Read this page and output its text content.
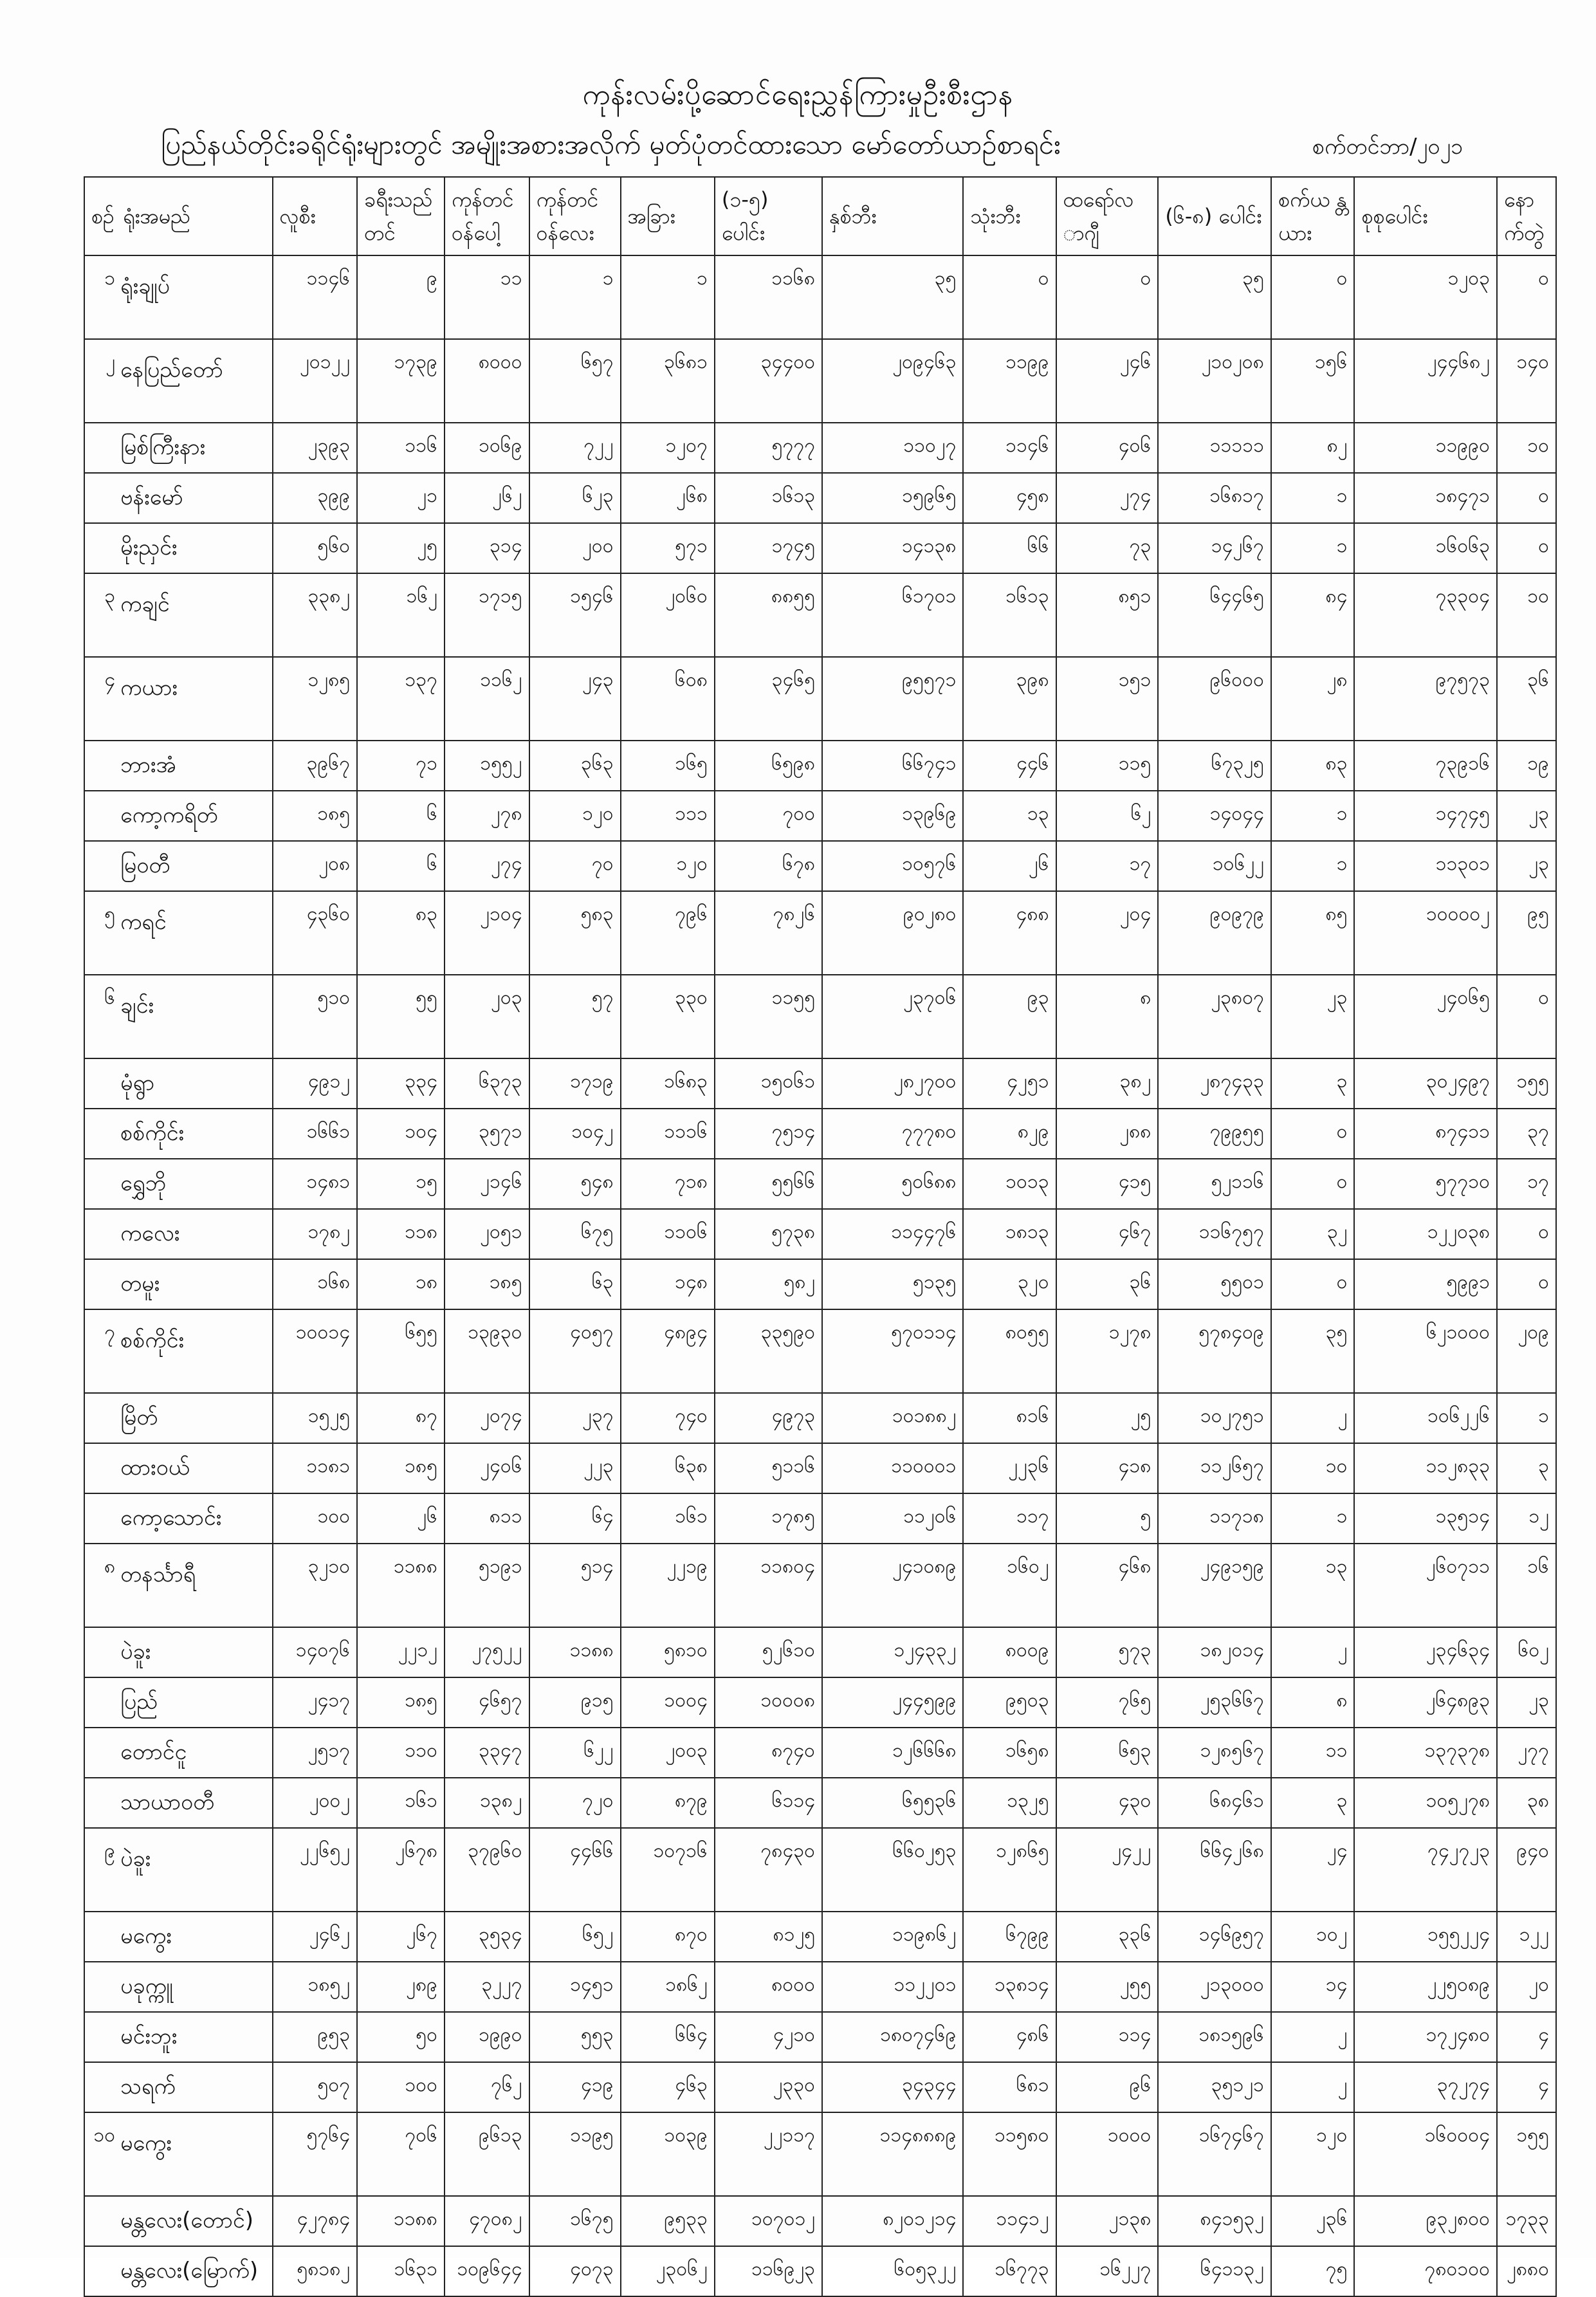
ကုန်းလမ်းပို့ဆောင်ရေးညွှန်ကြားမှုဦးစီးဌာန
ပြည်နယ်တိုင်းခရိုင်ရုံးများတွင် အမျိုးအစားအလိုက် မှတ်ပုံတင်ထားသော မော်တော်ယာဉ်စာရင်း	စက်တင်ဘာ/၂၀၂၁
စဉ်	ရုံးအမည်	လူစီး	ခရီးသည် တင်	ကုန်တင် ဝန်ပေါ့	ကုန်တင် ဝန်လေး	အခြား	(၁-၅) ပေါင်း	နှစ်ဘီး	သုံးဘီး	ထရော်လ ာဂျီ	(၆-၈) ပေါင်း	စက်ယ န္တယား	စုစုပေါင်း	နော က်တွဲ
၁	ရုံးချုပ်	၁၁၄၆	၉	၁၁	၁	၁	၁၁၆၈	၃၅	၀	၀	၃၅	၀	၁၂၀၃	၀
၂	နေပြည်တော်	၂၀၁၂၂	၁၇၃၉	၈၀၀၀	၆၅၇	၃၆၈၁	၃၄၄၀၀	၂၀၉၄၆၃	၁၁၉၉	၂၄၆	၂၁၀၂၀၈	၁၅၆	၂၄၄၆၈၂	၁၄၀
	မြစ်ကြီးနား	၂၃၉၃	၁၁၆	၁၀၆၉	၇၂၂	၁၂၀၇	၅၇၇၇	၁၁၀၂၇	၁၁၄၆	၄၀၆	၁၁၁၁၁	၈၂	၁၁၉၉၀	၁၀
	ဗန်းမော်	၃၉၉	၂၁	၂၆၂	၆၂၃	၂၆၈	၁၆၁၃	၁၅၉၆၅	၄၅၈	၂၇၄	၁၆၈၁၇	၁	၁၈၄၇၁	၀
	မိုးညှင်း	၅၆၀	၂၅	၃၁၄	၂၀၀	၅၇၁	၁၇၄၅	၁၄၁၃၈	၆၆	၇၃	၁၄၂၆၇	၁	၁၆၀၆၃	၀
၃	ကချင်	၃၃၈၂	၁၆၂	၁၇၁၅	၁၅၄၆	၂၀၆၀	၈၈၅၅	၆၁၇၀၁	၁၆၁၃	၈၅၁	၆၄၄၆၅	၈၄	၇၃၃၀၄	၁၀
၄	ကယား	၁၂၈၅	၁၃၇	၁၁၆၂	၂၄၃	၆၀၈	၃၄၆၅	၉၅၅၇၁	၃၉၈	၁၅၁	၉၆၀၀၀	၂၈	၉၇၅၇၃	၃၆
	ဘားအံ	၃၉၆၇	၇၁	၁၅၅၂	၃၆၃	၁၆၅	၆၅၉၈	၆၆၇၄၁	၄၄၆	၁၁၅	၆၇၃၂၅	၈၃	၇၃၉၁၆	၁၉
	ကော့ကရိတ်	၁၈၅	၆	၂၇၈	၁၂၀	၁၁၁	၇၀၀	၁၃၉၆၉	၁၃	၆၂	၁၄၀၄၄	၁	၁၄၇၄၅	၂၃
	မြဝတီ	၂၀၈	၆	၂၇၄	၇၀	၁၂၀	၆၇၈	၁၀၅၇၆	၂၆	၁၇	၁၀၆၂၂	၁	၁၁၃၀၁	၂၃
၅	ကရင်	၄၃၆၀	၈၃	၂၁၀၄	၅၈၃	၇၉၆	၇၈၂၆	၉၀၂၈၀	၄၈၈	၂၀၄	၉၀၉၇၉	၈၅	၁၀၀၀၀၂	၉၅
၆	ချင်း	၅၁၀	၅၅	၂၀၃	၅၇	၃၃၀	၁၁၅၅	၂၃၇၀၆	၉၃	၈	၂၃၈၀၇	၂၃	၂၄၀၆၅	၀
	မုံရွာ	၄၉၁၂	၃၃၄	၆၃၇၃	၁၇၁၉	၁၆၈၃	၁၅၀၆၁	၂၈၂၇၀၀	၄၂၅၁	၃၈၂	၂၈၇၄၃၃	၃	၃၀၂၄၉၇	၁၅၅
	စစ်ကိုင်း	၁၆၆၁	၁၀၄	၃၅၇၁	၁၀၄၂	၁၁၁၆	၇၅၁၄	၇၇၇၈၀	၈၂၉	၂၈၈	၇၉၉၅၅	၀	၈၇၄၁၁	၃၇
	ရွှေဘို	၁၄၈၁	၁၅	၂၁၄၆	၅၄၈	၇၁၈	၅၅၆၆	၅၀၆၈၈	၁၀၁၃	၄၁၅	၅၂၁၁၆	၀	၅၇၇၁၀	၁၇
	ကလေး	၁၇၈၂	၁၁၈	၂၀၅၁	၆၇၅	၁၁၀၆	၅၇၃၈	၁၁၄၄၇၆	၁၈၁၃	၄၆၇	၁၁၆၇၅၇	၃၂	၁၂၂၀၃၈	၀
	တမူး	၁၆၈	၁၈	၁၈၅	၆၃	၁၄၈	၅၈၂	၅၁၃၅	၃၂၀	၃၆	၅၅၀၁	၀	၅၉၉၁	၀
၇	စစ်ကိုင်း	၁၀၀၁၄	၆၅၅	၁၃၉၃၀	၄၀၅၇	၄၈၉၄	၃၃၅၉၀	၅၇၀၁၁၄	၈၀၅၅	၁၂၇၈	၅၇၈၄၀၉	၃၅	၆၂၁၀၀၀	၂၀၉
	မြိတ်	၁၅၂၅	၈၇	၂၀၇၄	၂၃၇	၇၄၀	၄၉၇၃	၁၀၁၈၈၂	၈၁၆	၂၅	၁၀၂၇၅၁	၂	၁၀၆၂၂၆	၁
	ထားဝယ်	၁၁၈၁	၁၈၅	၂၄၀၆	၂၂၃	၆၃၈	၅၁၁၆	၁၁၀၀၀၁	၂၂၃၆	၄၁၈	၁၁၂၆၅၇	၁၀	၁၁၂၈၃၃	၃
	ကော့သောင်း	၁၀၀	၂၆	၈၁၁	၆၄	၁၆၁	၁၇၈၅	၁၁၂၀၆	၁၁၇	၅	၁၁၇၁၈	၁	၁၃၅၁၄	၁၂
၈	တနင်္သာရီ	၃၂၁၀	၁၁၈၈	၅၁၉၁	၅၁၄	၂၂၁၉	၁၁၈၀၄	၂၄၁၀၈၉	၁၆၀၂	၄၆၈	၂၄၉၁၅၉	၁၃	၂၆၀၇၁၁	၁၆
	ပဲခူး	၁၄၀၇၆	၂၂၁၂	၂၇၅၂၂	၁၁၈၈	၅၈၁၀	၅၂၆၁၀	၁၂၄၃၃၂	၈၀၀၉	၅၇၃	၁၈၂၀၁၄	၂	၂၃၄၆၃၄	၆၀၂
	ပြည်	၂၄၁၇	၁၈၅	၄၆၅၇	၉၁၅	၁၀၀၄	၁၀၀၀၈	၂၄၄၅၉၉	၉၅၀၃	၇၆၅	၂၅၃၆၆၇	၈	၂၆၄၈၉၃	၂၃
	တောင်ငူ	၂၅၁၇	၁၁၀	၃၃၄၇	၆၂၂	၂၀၀၃	၈၇၄၀	၁၂၆၆၆၈	၁၆၅၈	၆၅၃	၁၂၈၅၆၇	၁၁	၁၃၇၃၇၈	၂၇၇
	သာယာဝတီ	၂၀၀၂	၁၆၁	၁၃၈၂	၇၂၀	၈၇၉	၆၁၁၄	၆၅၅၃၆	၁၃၂၅	၄၃၀	၆၈၄၆၁	၃	၁၀၅၂၇၈	၃၈
၉	ပဲခူး	၂၂၆၅၂	၂၆၇၈	၃၇၉၆၀	၄၄၆၆	၁၀၇၁၆	၇၈၄၃၀	၆၆၀၂၅၃	၁၂၈၆၅	၂၄၂၂	၆၆၄၂၆၈	၂၄	၇၄၂၇၂၃	၉၄၀
	မကွေး	၂၄၆၂	၂၆၇	၃၅၃၄	၆၅၂	၈၇၀	၈၁၂၅	၁၁၉၈၆၂	၆၇၉၉	၃၃၆	၁၄၆၉၅၇	၁၀၂	၁၅၅၂၂၄	၁၂၂
	ပခုက္ကူ	၁၈၅၂	၂၈၉	၃၂၂၇	၁၄၅၁	၁၈၆၂	၈၀၀၀	၁၁၂၂၀၁	၁၃၈၁၄	၂၅၅	၂၁၃၀၀၀	၁၄	၂၂၅၀၈၉	၂၀
	မင်းဘူး	၉၅၃	၅၀	၁၉၉၀	၅၅၃	၆၆၄	၄၂၁၀	၁၈၀၇၄၆၉	၄၈၆	၁၁၄	၁၈၁၅၉၆	၂	၁၇၂၄၈၀	၄
	သရက်	၅၀၇	၁၀၀	၇၆၂	၄၁၉	၄၆၃	၂၃၃၀	၃၄၃၄၄	၆၈၁	၉၆	၃၅၁၂၁	၂	၃၇၂၇၄	၄
၁၀	မကွေး	၅၇၆၄	၇၀၆	၉၆၁၃	၁၁၉၅	၁၀၃၉	၂၂၁၁၇	၁၁၄၈၈၈၉	၁၁၅၈၀	၁၀၀၀	၁၆၇၄၆၇	၁၂၀	၁၆၀၀၀၄	၁၅၅
	မန္တလေး(တောင်)	၄၂၇၈၄	၁၁၈၈	၄၇၀၈၂	၁၆၇၅	၉၅၃၃	၁၀၇၀၁၂	၈၂၀၁၂၁၄	၁၁၄၁၂	၂၁၃၈	၈၄၁၅၃၂	၂၃၆	၉၃၂၈၀၀	၁၇၃၃
	မန္တလေး(မြောက်)	၅၈၁၈၂	၁၆၃၁	၁၀၉၆၄၄	၄၀၇၃	၂၃၀၆၂	၁၁၆၉၂၃	၆၀၅၃၂၂	၁၆၇၇၃	၁၆၂၂၇	၆၄၁၁၃၂	၇၅	၇၈၀၁၀၀	၂၈၈၀
